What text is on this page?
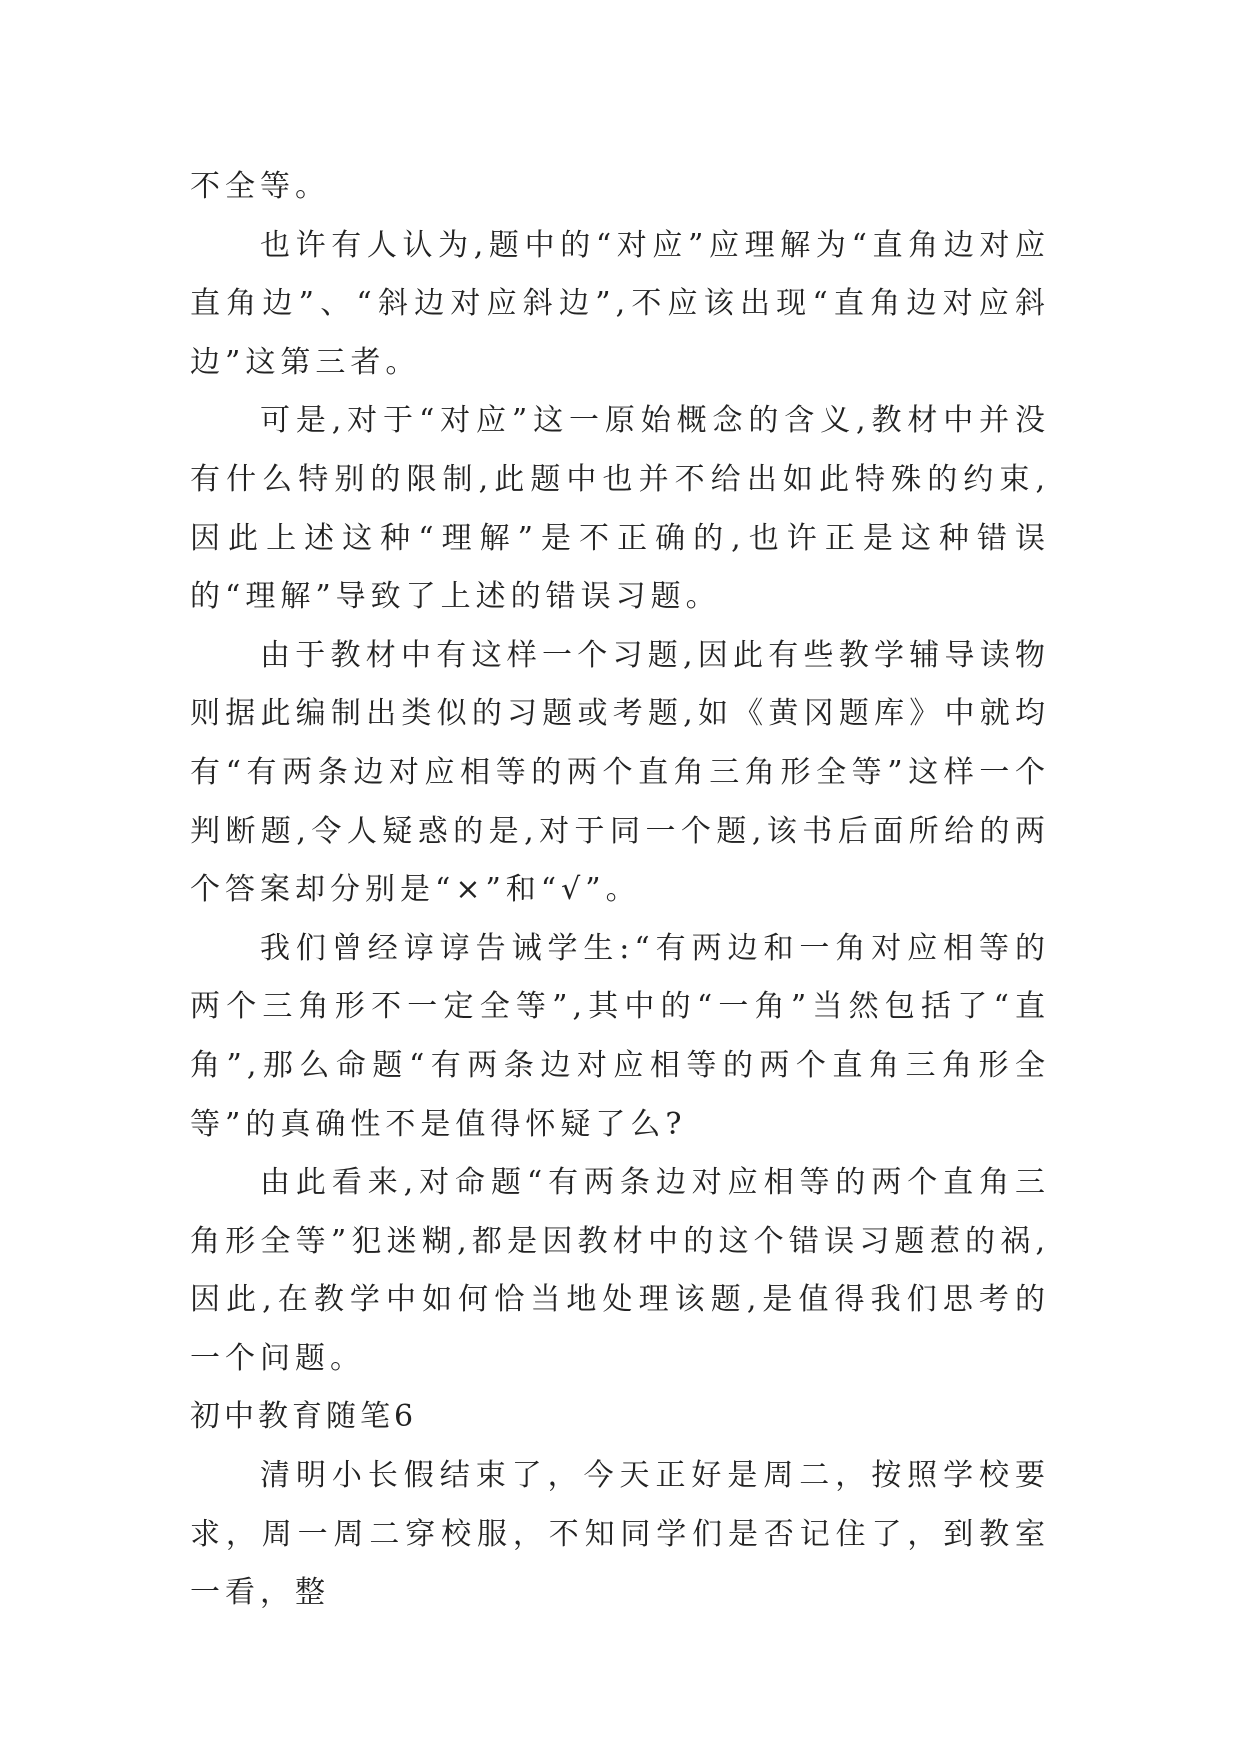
不全等。

也许有人认为,题中的“对应”应理解为“直角边对应直角边”、“斜边对应斜边”,不应该出现“直角边对应斜边”这第三者。

可是,对于“对应”这一原始概念的含义,教材中并没有什么特别的限制,此题中也并不给出如此特殊的约束,因此上述这种“理解”是不正确的,也许正是这种错误的“理解”导致了上述的错误习题。

由于教材中有这样一个习题,因此有些教学辅导读物则据此编制出类似的习题或考题,如《黄冈题库》中就均有“有两条边对应相等的两个直角三角形全等”这样一个判断题,令人疑惑的是,对于同一个题,该书后面所给的两个答案却分别是“×”和“√”。

我们曾经谆谆告诫学生:“有两边和一角对应相等的两个三角形不一定全等”,其中的“一角”当然包括了“直角”,那么命题“有两条边对应相等的两个直角三角形全等”的真确性不是值得怀疑了么?

由此看来,对命题“有两条边对应相等的两个直角三角形全等”犯迷糊,都是因教材中的这个错误习题惹的祸,因此,在教学中如何恰当地处理该题,是值得我们思考的一个问题。

初中教育随笔6

清明小长假结束了，今天正好是周二，按照学校要求，周一周二穿校服，不知同学们是否记住了，到教室一看，整
